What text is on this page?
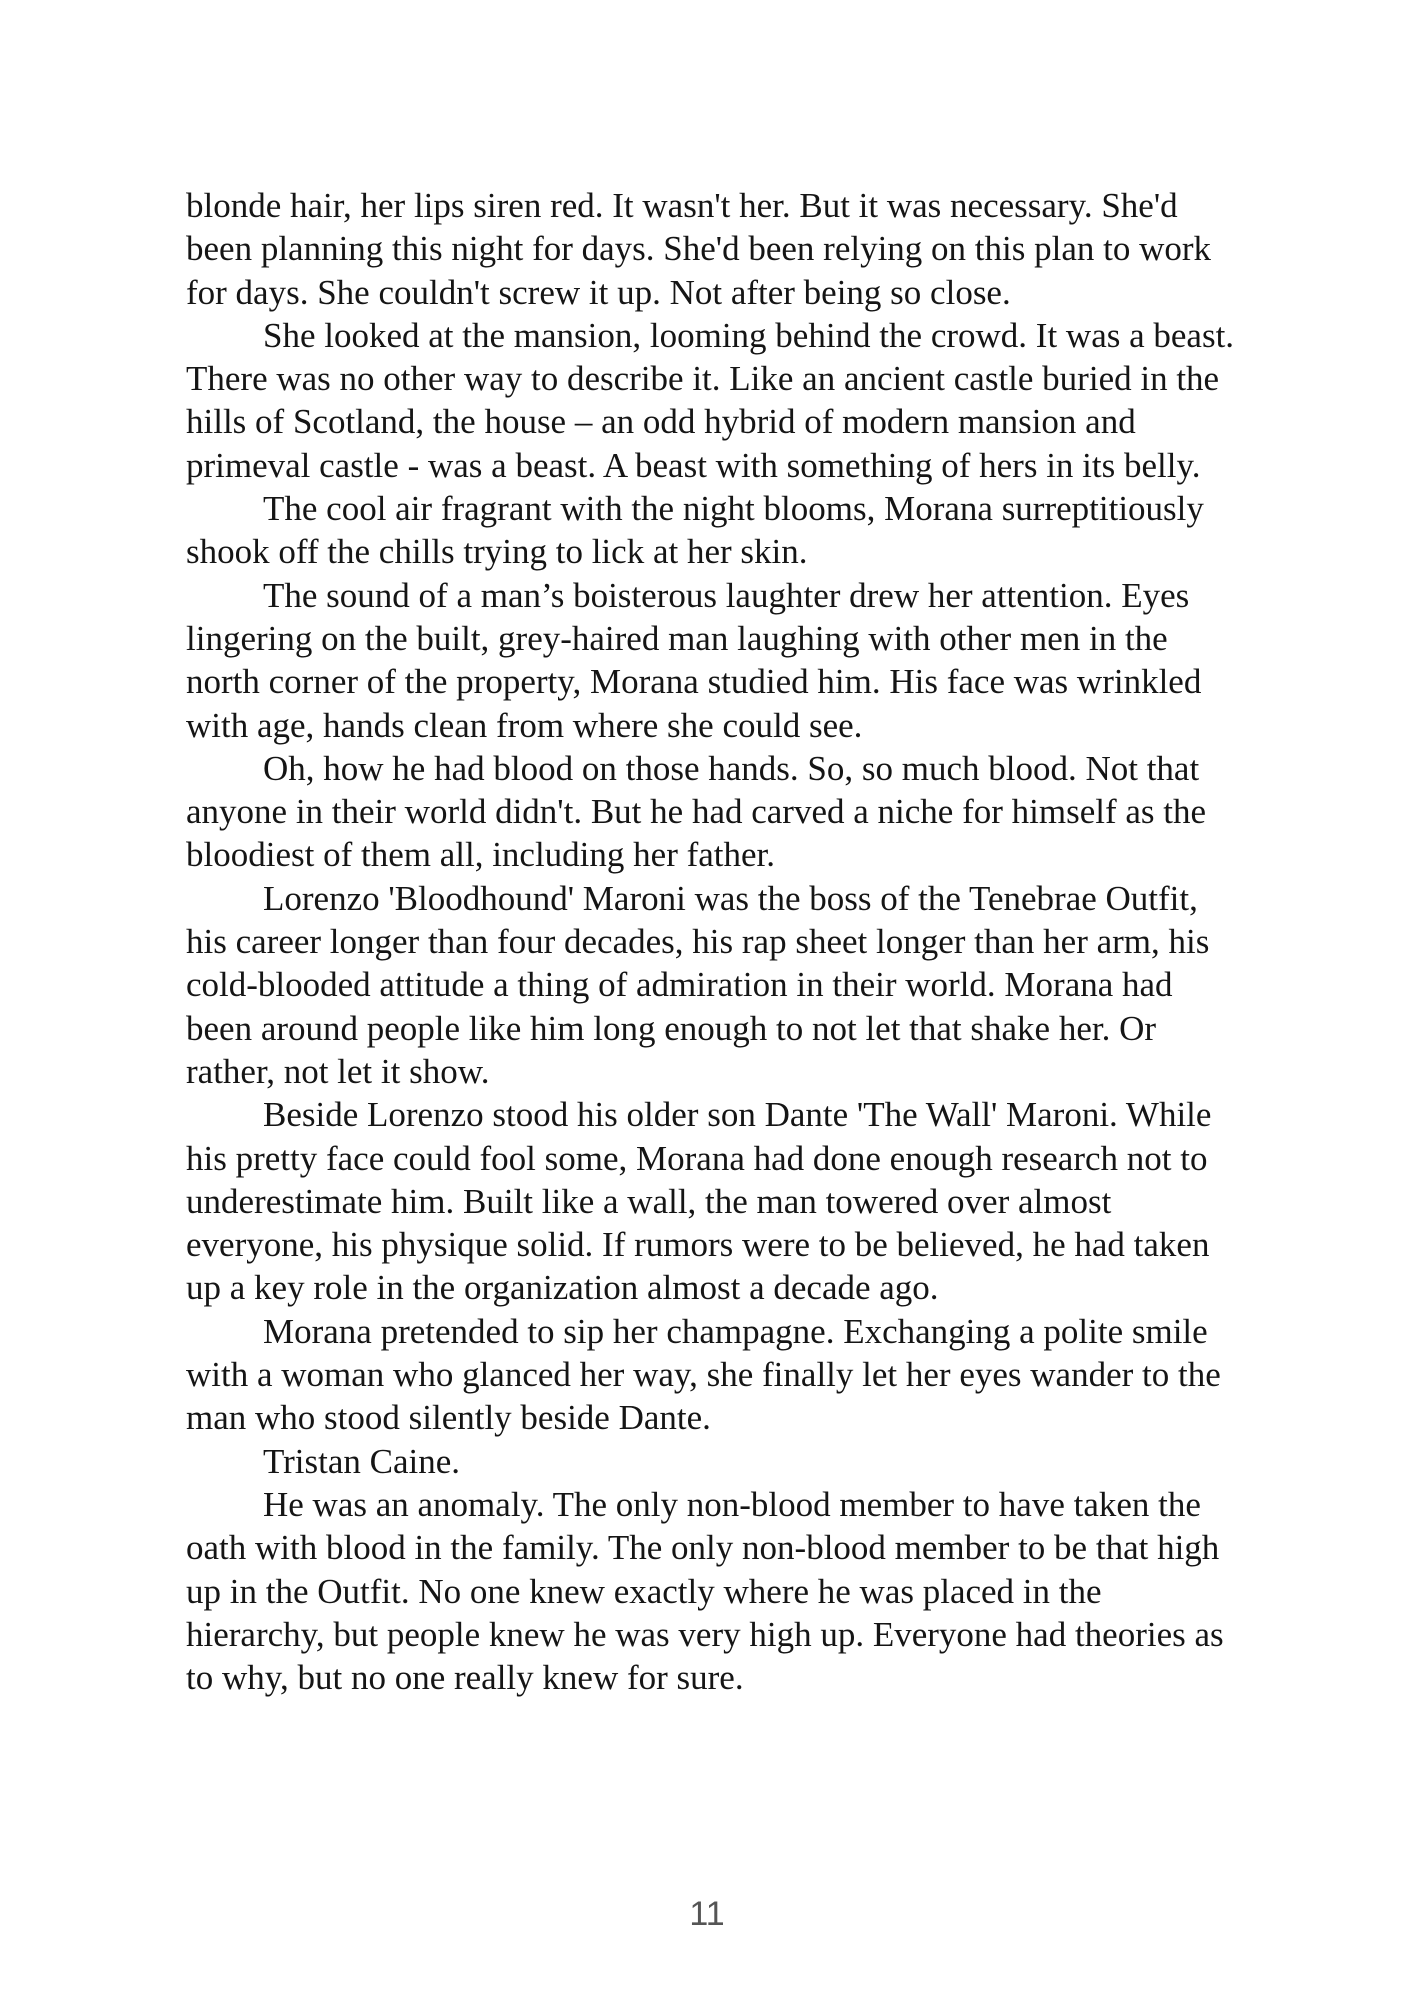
blonde hair, her lips siren red. It wasn't her. But it was necessary. She'd been planning this night for days. She'd been relying on this plan to work for days. She couldn't screw it up. Not after being so close.

She looked at the mansion, looming behind the crowd. It was a beast. There was no other way to describe it. Like an ancient castle buried in the hills of Scotland, the house – an odd hybrid of modern mansion and primeval castle - was a beast. A beast with something of hers in its belly.

The cool air fragrant with the night blooms, Morana surreptitiously shook off the chills trying to lick at her skin.

The sound of a man’s boisterous laughter drew her attention. Eyes lingering on the built, grey-haired man laughing with other men in the north corner of the property, Morana studied him. His face was wrinkled with age, hands clean from where she could see.

Oh, how he had blood on those hands. So, so much blood. Not that anyone in their world didn't. But he had carved a niche for himself as the bloodiest of them all, including her father.

Lorenzo 'Bloodhound' Maroni was the boss of the Tenebrae Outfit, his career longer than four decades, his rap sheet longer than her arm, his cold-blooded attitude a thing of admiration in their world. Morana had been around people like him long enough to not let that shake her. Or rather, not let it show.

Beside Lorenzo stood his older son Dante 'The Wall' Maroni. While his pretty face could fool some, Morana had done enough research not to underestimate him. Built like a wall, the man towered over almost everyone, his physique solid. If rumors were to be believed, he had taken up a key role in the organization almost a decade ago.

Morana pretended to sip her champagne. Exchanging a polite smile with a woman who glanced her way, she finally let her eyes wander to the man who stood silently beside Dante.

Tristan Caine.

He was an anomaly. The only non-blood member to have taken the oath with blood in the family. The only non-blood member to be that high up in the Outfit. No one knew exactly where he was placed in the hierarchy, but people knew he was very high up. Everyone had theories as to why, but no one really knew for sure.

11
